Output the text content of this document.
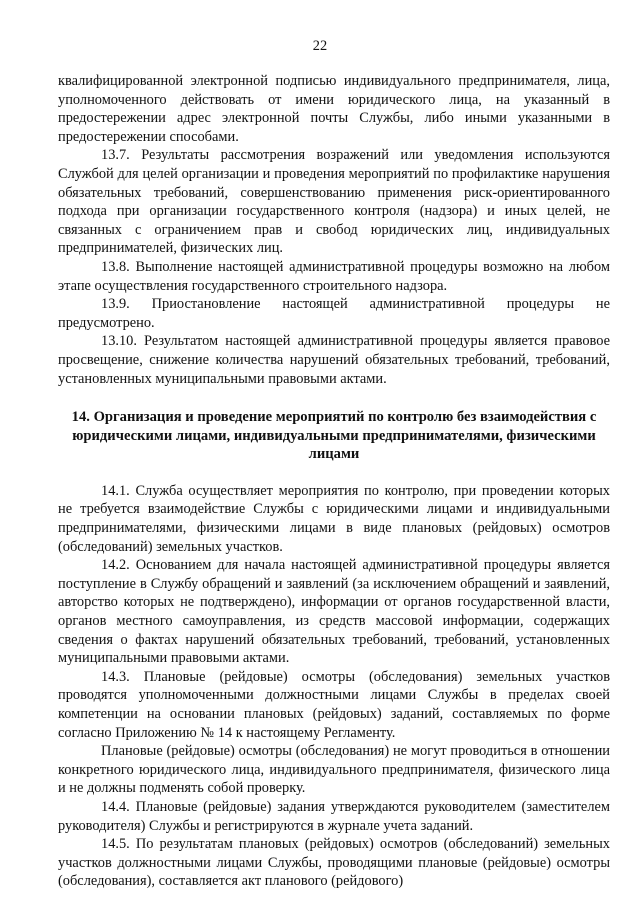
22

квалифицированной электронной подписью индивидуального предпринимателя, лица, уполномоченного действовать от имени юридического лица, на указанный в предостережении адрес электронной почты Службы, либо иными указанными в предостережении способами.

13.7. Результаты рассмотрения возражений или уведомления используются Службой для целей организации и проведения мероприятий по профилактике нарушения обязательных требований, совершенствованию применения риск-ориентированного подхода при организации государственного контроля (надзора) и иных целей, не связанных с ограничением прав и свобод юридических лиц, индивидуальных предпринимателей, физических лиц.

13.8. Выполнение настоящей административной процедуры возможно на любом этапе осуществления государственного строительного надзора.

13.9. Приостановление настоящей административной процедуры не предусмотрено.

13.10. Результатом настоящей административной процедуры является правовое просвещение, снижение количества нарушений обязательных требований, требований, установленных муниципальными правовыми актами.

14. Организация и проведение мероприятий по контролю без взаимодействия с юридическими лицами, индивидуальными предпринимателями, физическими лицами

14.1. Служба осуществляет мероприятия по контролю, при проведении которых не требуется взаимодействие Службы с юридическими лицами и индивидуальными предпринимателями, физическими лицами в виде плановых (рейдовых) осмотров (обследований) земельных участков.

14.2. Основанием для начала настоящей административной процедуры является поступление в Службу обращений и заявлений (за исключением обращений и заявлений, авторство которых не подтверждено), информации от органов государственной власти, органов местного самоуправления, из средств массовой информации, содержащих сведения о фактах нарушений обязательных требований, требований, установленных муниципальными правовыми актами.

14.3. Плановые (рейдовые) осмотры (обследования) земельных участков проводятся уполномоченными должностными лицами Службы в пределах своей компетенции на основании плановых (рейдовых) заданий, составляемых по форме согласно Приложению № 14 к настоящему Регламенту.

Плановые (рейдовые) осмотры (обследования) не могут проводиться в отношении конкретного юридического лица, индивидуального предпринимателя, физического лица и не должны подменять собой проверку.

14.4. Плановые (рейдовые) задания утверждаются руководителем (заместителем руководителя) Службы и регистрируются в журнале учета заданий.

14.5. По результатам плановых (рейдовых) осмотров (обследований) земельных участков должностными лицами Службы, проводящими плановые (рейдовые) осмотры (обследования), составляется акт планового (рейдового)
